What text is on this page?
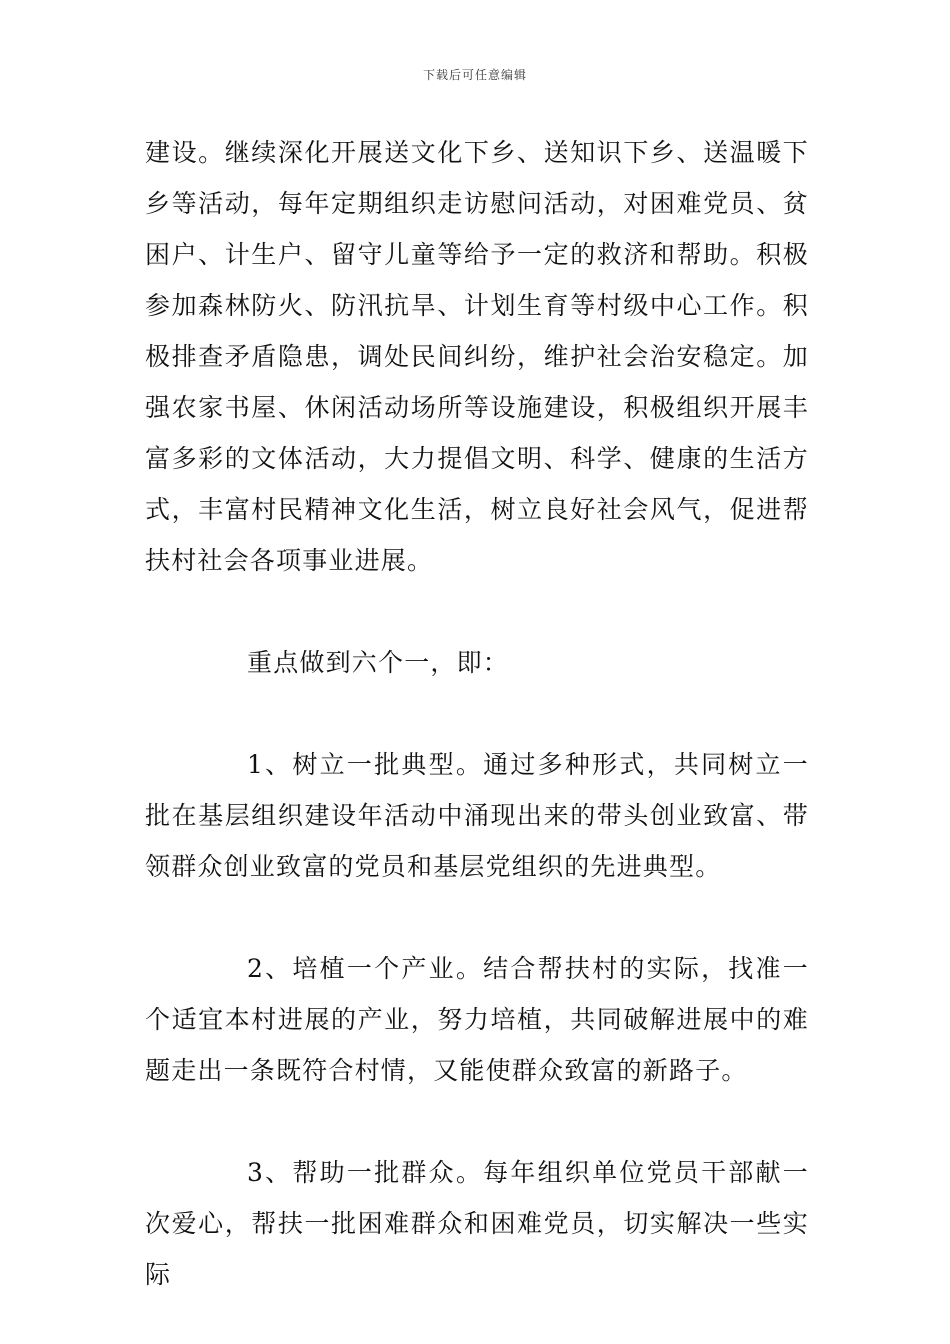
下载后可任意编辑

建设。继续深化开展送文化下乡、送知识下乡、送温暖下乡等活动，每年定期组织走访慰问活动，对困难党员、贫困户、计生户、留守儿童等给予一定的救济和帮助。积极参加森林防火、防汛抗旱、计划生育等村级中心工作。积极排查矛盾隐患，调处民间纠纷，维护社会治安稳定。加强农家书屋、休闲活动场所等设施建设，积极组织开展丰富多彩的文体活动，大力提倡文明、科学、健康的生活方式，丰富村民精神文化生活，树立良好社会风气，促进帮扶村社会各项事业进展。

重点做到六个一，即：

1、树立一批典型。通过多种形式，共同树立一批在基层组织建设年活动中涌现出来的带头创业致富、带领群众创业致富的党员和基层党组织的先进典型。

2、培植一个产业。结合帮扶村的实际，找准一个适宜本村进展的产业，努力培植，共同破解进展中的难题走出一条既符合村情，又能使群众致富的新路子。

3、帮助一批群众。每年组织单位党员干部献一次爱心，帮扶一批困难群众和困难党员，切实解决一些实际
